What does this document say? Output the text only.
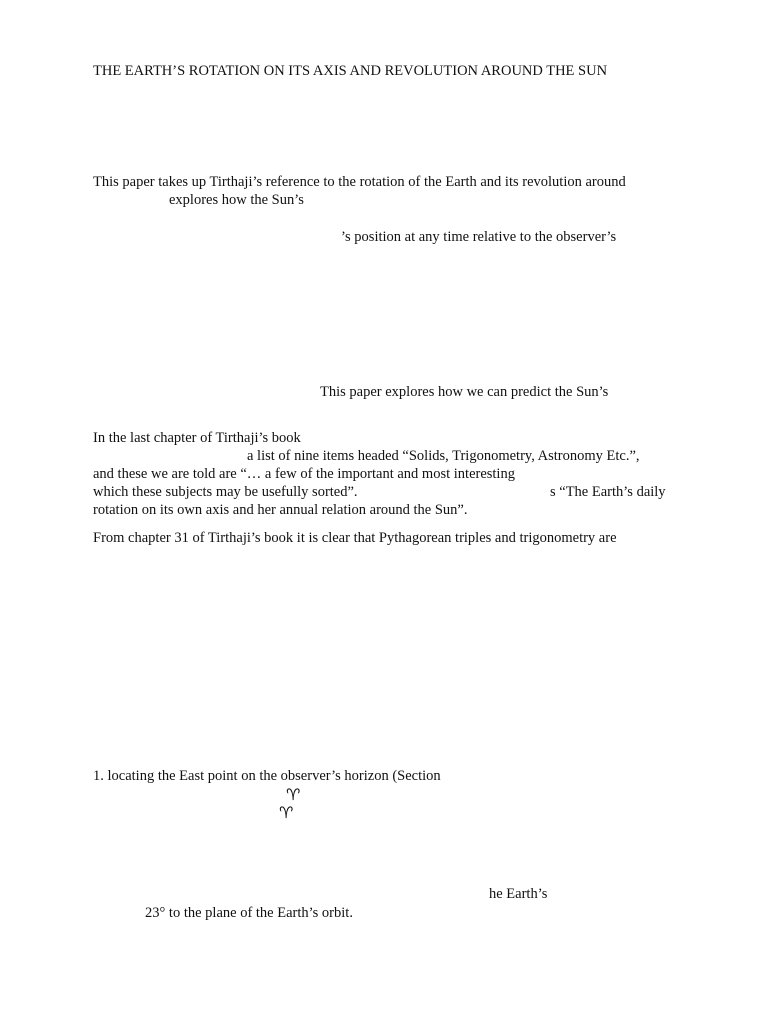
THE EARTH’S ROTATION ON ITS AXIS AND REVOLUTION AROUND THE SUN
This paper takes up Tirthaji’s reference to the rotation of the Earth and its revolution around
explores how the Sun’s
’s position at any time relative to the observer’s
This paper explores how we can predict the Sun’s
In the last chapter of Tirthaji’s book
a list of nine items headed “Solids, Trigonometry, Astronomy Etc.”,
and these we are told are “… a few of the important and most interesting
which these subjects may be usefully sorted”.	s “The Earth’s daily
rotation on its own axis and her annual relation around the Sun”.
From chapter 31 of Tirthaji’s book it is clear that Pythagorean triples and trigonometry are
1. locating the East point on the observer’s horizon (Section
♈
♈
he Earth’s
23° to the plane of the Earth’s orbit.
